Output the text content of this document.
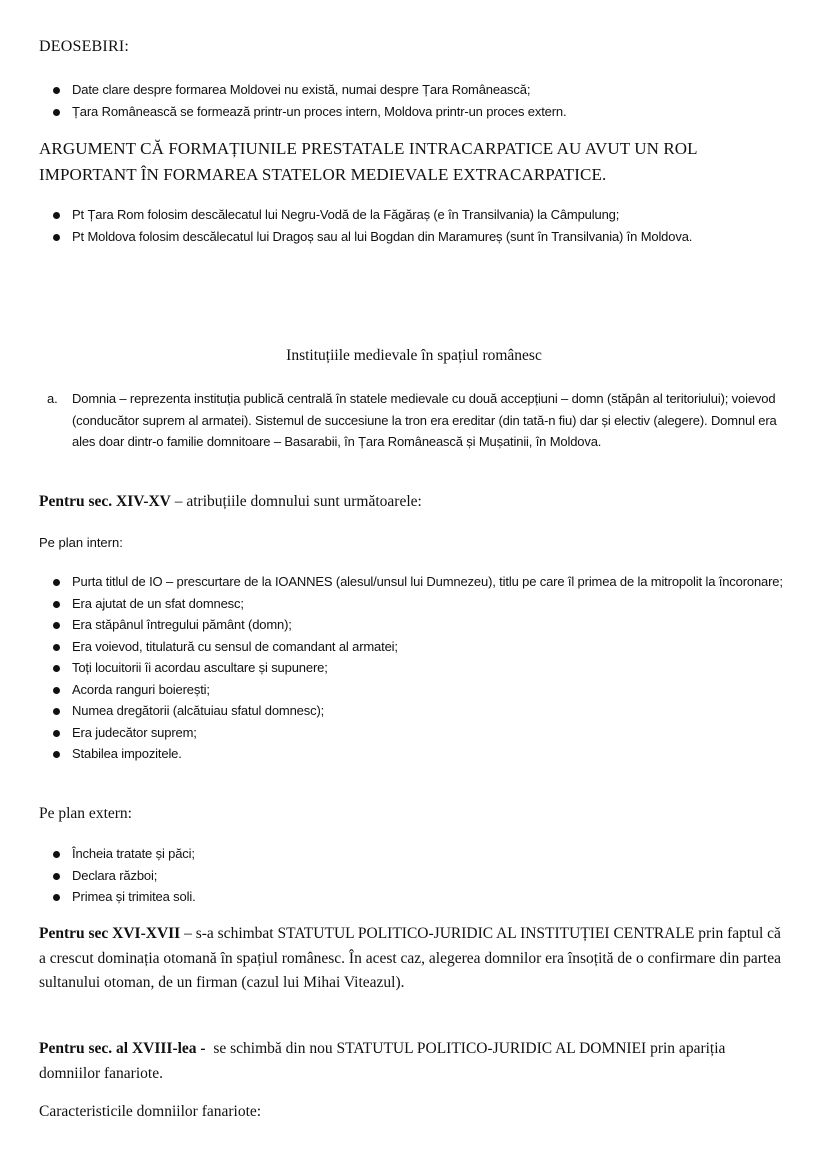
DEOSEBIRI:
Date clare despre formarea Moldovei nu există, numai despre Țara Românească;
Țara Românească se formează printr-un proces intern, Moldova printr-un proces extern.
ARGUMENT CĂ FORMAȚIUNILE PRESTATALE INTRACARPATICE AU AVUT UN ROL IMPORTANT ÎN FORMAREA STATELOR MEDIEVALE EXTRACARPATICE.
Pt Țara Rom folosim descălecatul lui Negru-Vodă de la Făgăraș (e în Transilvania) la Câmpulung;
Pt Moldova folosim descălecatul lui Dragoș sau al lui Bogdan din Maramureș (sunt în Transilvania) în Moldova.
Instituțiile medievale în spațiul românesc
a. Domnia – reprezenta instituția publică centrală în statele medievale cu două accepțiuni – domn (stăpân al teritoriului); voievod (conducător suprem al armatei). Sistemul de succesiune la tron era ereditar (din tată-n fiu) dar și electiv (alegere). Domnul era ales doar dintr-o familie domnitoare – Basarabii, în Țara Românească și Mușatinii, în Moldova.
Pentru sec. XIV-XV – atribuțiile domnului sunt următoarele:
Pe plan intern:
Purta titlul de IO – prescurtare de la IOANNES (alesul/unsul lui Dumnezeu), titlu pe care îl primea de la mitropolit la încoronare;
Era ajutat de un sfat domnesc;
Era stăpânul întregului pământ (domn);
Era voievod, titulatură cu sensul de comandant al armatei;
Toți locuitorii îi acordau ascultare și supunere;
Acorda ranguri boierești;
Numea dregătorii (alcătuiau sfatul domnesc);
Era judecător suprem;
Stabilea impozitele.
Pe plan extern:
Încheia tratate și păci;
Declara război;
Primea și trimitea soli.
Pentru sec XVI-XVII – s-a schimbat STATUTUL POLITICO-JURIDIC AL INSTITUȚIEI CENTRALE prin faptul că a crescut dominația otomană în spațiul românesc. În acest caz, alegerea domnilor era însoțită de o confirmare din partea sultanului otoman, de un firman (cazul lui Mihai Viteazul).
Pentru sec. al XVIII-lea -  se schimbă din nou STATUTUL POLITICO-JURIDIC AL DOMNIEI prin apariția domniilor fanariote.
Caracteristicile domniilor fanariote:
